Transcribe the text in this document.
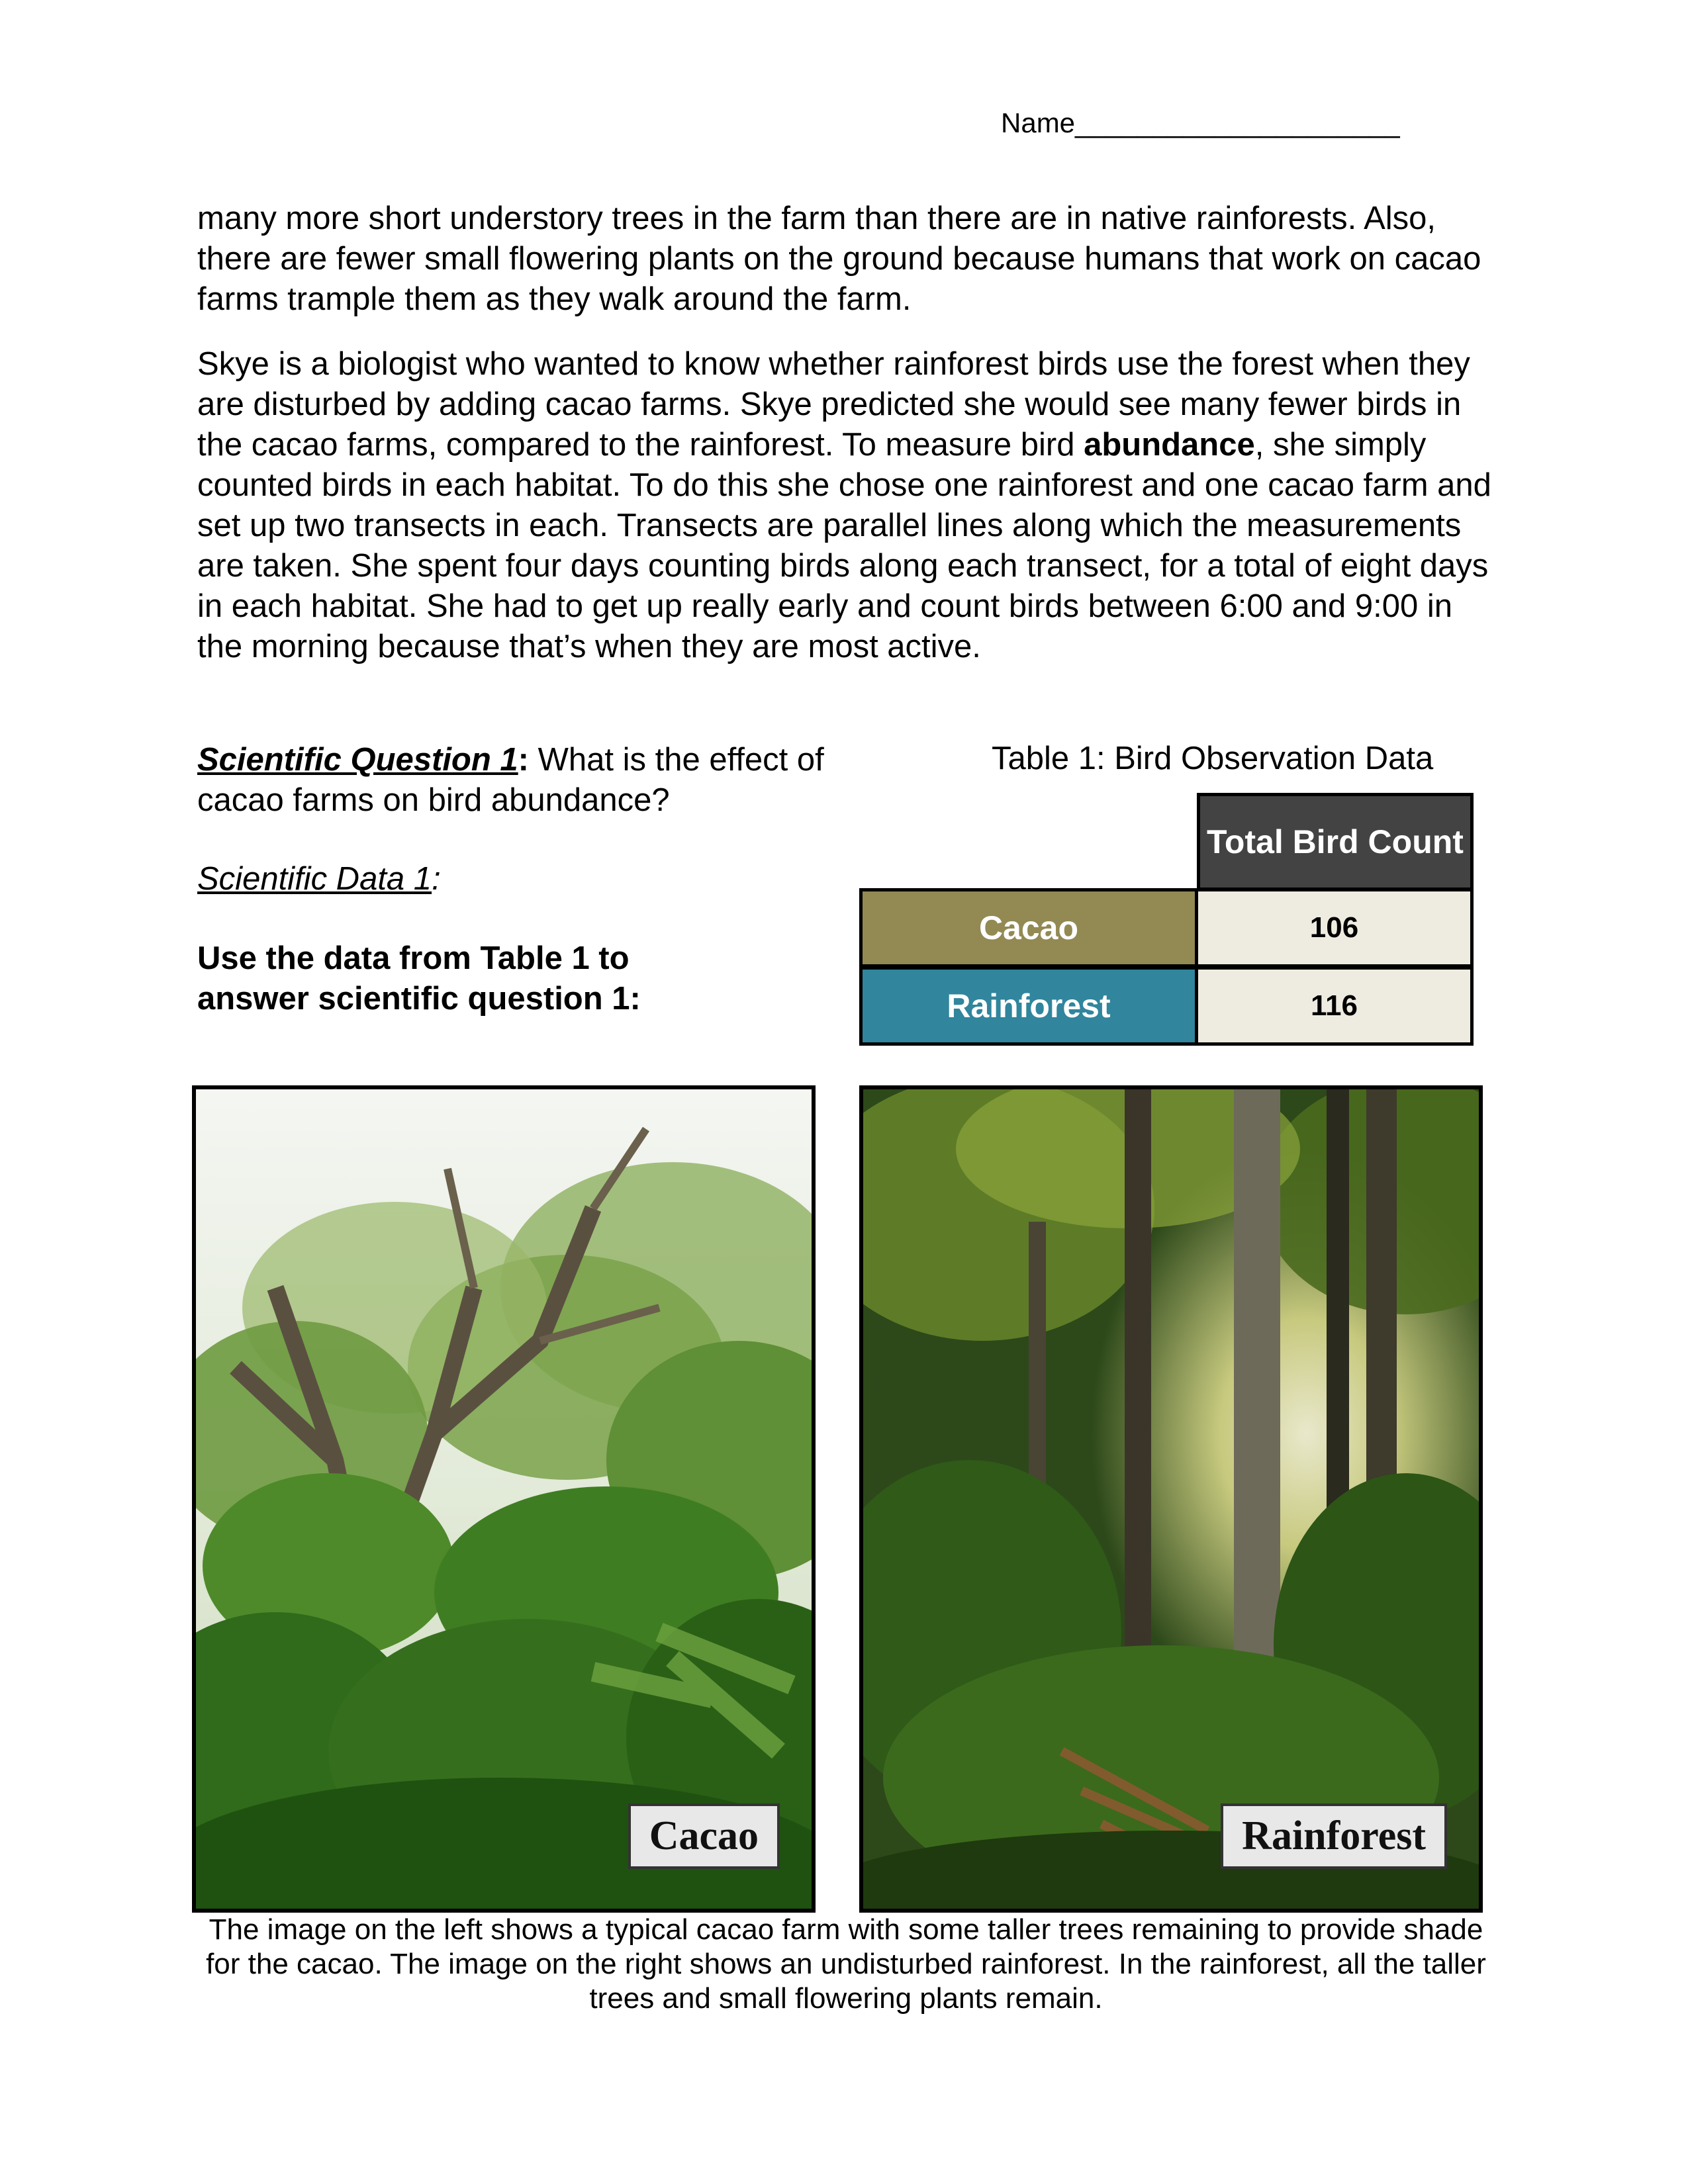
Name_____________________

many more short understory trees in the farm than there are in native rainforests. Also, there are fewer small flowering plants on the ground because humans that work on cacao farms trample them as they walk around the farm.

Skye is a biologist who wanted to know whether rainforest birds use the forest when they are disturbed by adding cacao farms. Skye predicted she would see many fewer birds in the cacao farms, compared to the rainforest. To measure bird abundance, she simply counted birds in each habitat. To do this she chose one rainforest and one cacao farm and set up two transects in each. Transects are parallel lines along which the measurements are taken. She spent four days counting birds along each transect, for a total of eight days in each habitat. She had to get up really early and count birds between 6:00 and 9:00 in the morning because that’s when they are most active.

Scientific Question 1: What is the effect of cacao farms on bird abundance?
Scientific Data 1:
Use the data from Table 1 to answer scientific question 1:
Table 1: Bird Observation Data
Total Bird Count
Cacao	106
Rainforest	116
Cacao	Rainforest
The image on the left shows a typical cacao farm with some taller trees remaining to provide shade for the cacao. The image on the right shows an undisturbed rainforest. In the rainforest, all the taller trees and small flowering plants remain.
